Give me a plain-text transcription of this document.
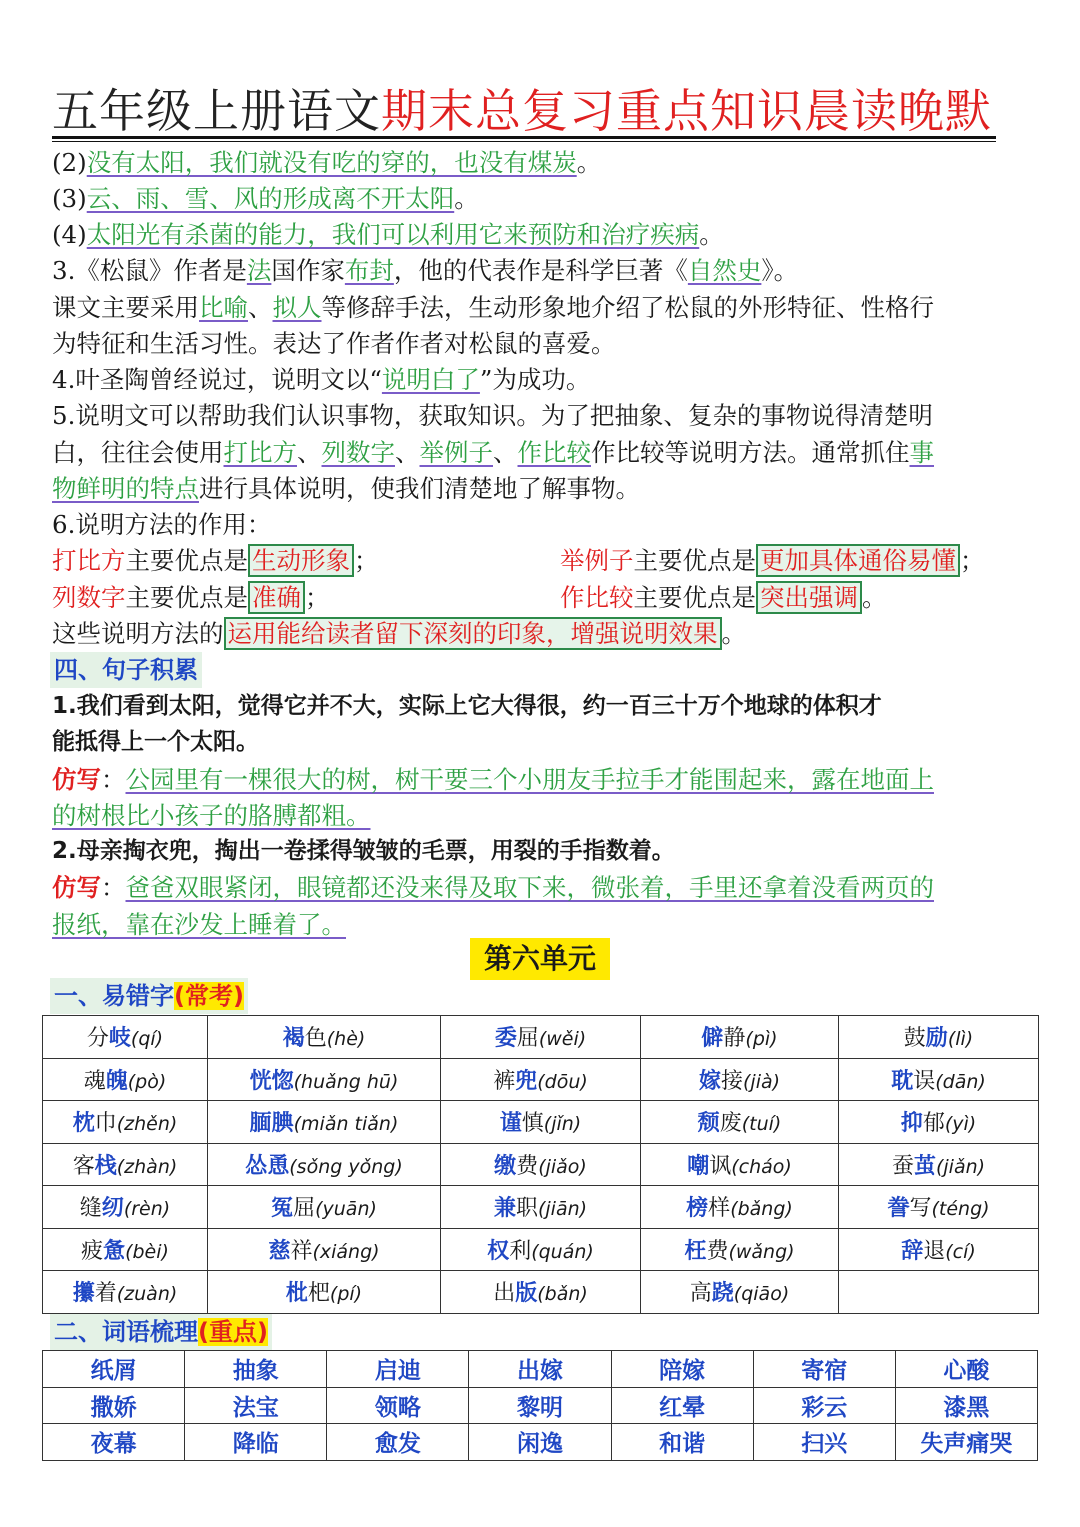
五年级上册语文期末总复习重点知识晨读晚默
(2)没有太阳，我们就没有吃的穿的，也没有煤炭。
(3)云、雨、雪、风的形成离不开太阳。
(4)太阳光有杀菌的能力，我们可以利用它来预防和治疗疾病。
3.《松鼠》作者是法国作家布封，他的代表作是科学巨著《自然史》。
课文主要采用比喻、拟人等修辞手法，生动形象地介绍了松鼠的外形特征、性格行
为特征和生活习性。表达了作者作者对松鼠的喜爱。
4.叶圣陶曾经说过，说明文以“说明白了”为成功。
5.说明文可以帮助我们认识事物，获取知识。为了把抽象、复杂的事物说得清楚明
白，往往会使用打比方、列数字、举例子、作比较作比较等说明方法。通常抓住事
物鲜明的特点进行具体说明，使我们清楚地了解事物。
6.说明方法的作用：
打比方主要优点是 生动形象 ；	举例子主要优点是 更加具体通俗易懂 ；
列数字主要优点是 准确 ；	作比较主要优点是 突出强调 。
这些说明方法的 运用能给读者留下深刻的印象，增强说明效果 。
四、句子积累
1.我们看到太阳，觉得它并不大，实际上它大得很，约一百三十万个地球的体积才
能抵得上一个太阳。
仿写：公园里有一棵很大的树，树干要三个小朋友手拉手才能围起来，露在地面上
的树根比小孩子的胳膊都粗。
2.母亲掏衣兜，掏出一卷揉得皱皱的毛票，用裂的手指数着。
仿写：爸爸双眼紧闭，眼镜都还没来得及取下来，微张着，手里还拿着没看两页的
报纸，靠在沙发上睡着了。
第六单元
一、易错字(常考)
分岐(qí)	褐色(hè)	委屈(wěi)	僻静(pì)	鼓励(lì)
魂魄(pò)	恍惚(huǎng hū)	裤兜(dōu)	嫁接(jià)	耽误(dān)
枕巾(zhěn)	腼腆(miǎn tiǎn)	谨慎(jǐn)	颓废(tuí)	抑郁(yì)
客栈(zhàn)	怂恿(sǒng yǒng)	缴费(jiǎo)	嘲讽(cháo)	蚕茧(jiǎn)
缝纫(rèn)	冤屈(yuān)	兼职(jiān)	榜样(bǎng)	誊写(téng)
疲惫(bèi)	慈祥(xiáng)	权利(quán)	枉费(wǎng)	辞退(cí)
攥着(zuàn)	枇杷(pí)	出版(bǎn)	高跷(qiāo)	
二、词语梳理(重点)
纸屑	抽象	启迪	出嫁	陪嫁	寄宿	心酸
撒娇	法宝	领略	黎明	红晕	彩云	漆黑
夜幕	降临	愈发	闲逸	和谐	扫兴	失声痛哭
